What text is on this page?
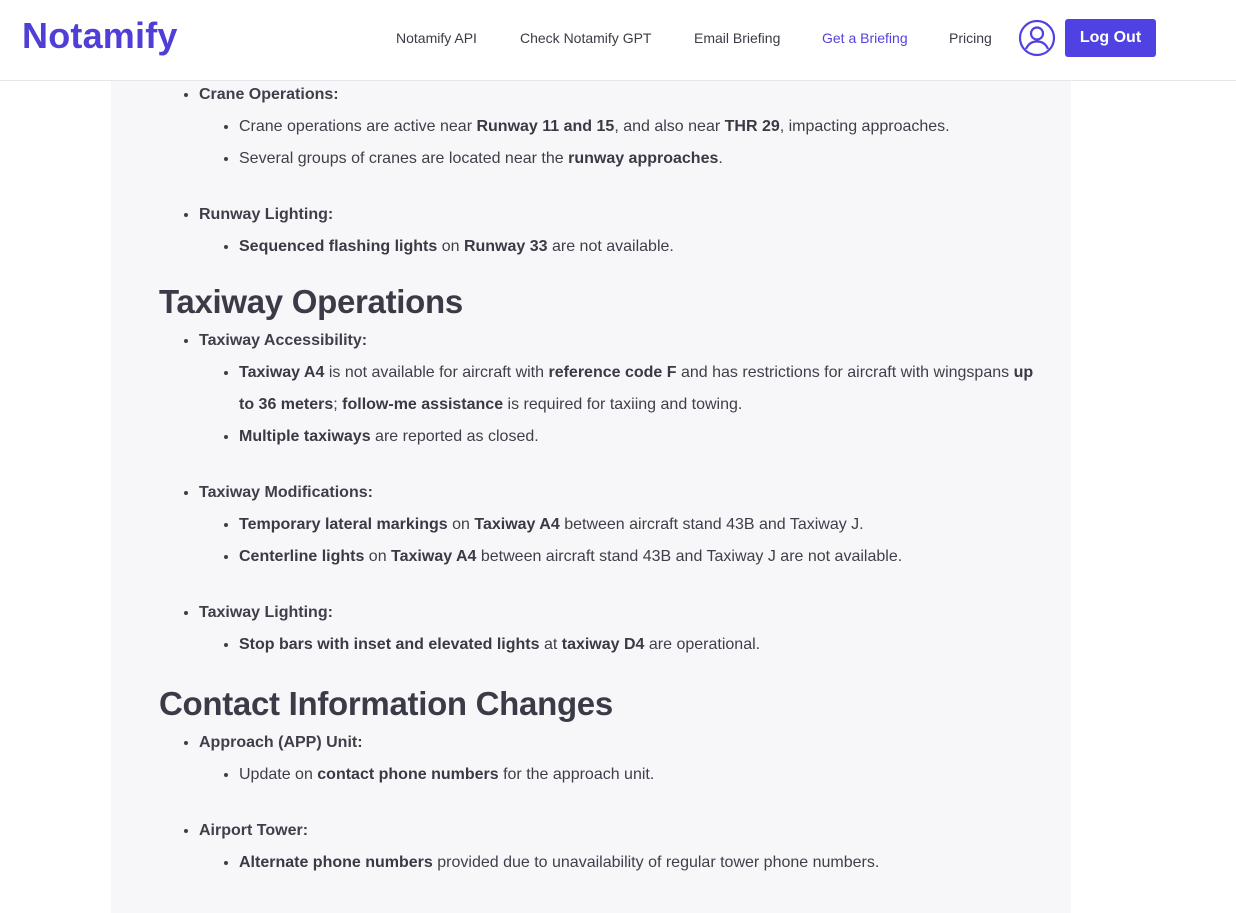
Notamify	Notamify API	Check Notamify GPT	Email Briefing	Get a Briefing	Pricing	Log Out
• Crane Operations:
• Crane operations are active near Runway 11 and 15, and also near THR 29, impacting approaches.
• Several groups of cranes are located near the runway approaches.
• Runway Lighting:
• Sequenced flashing lights on Runway 33 are not available.
Taxiway Operations
• Taxiway Accessibility:
• Taxiway A4 is not available for aircraft with reference code F and has restrictions for aircraft with wingspans up to 36 meters; follow-me assistance is required for taxiing and towing.
• Multiple taxiways are reported as closed.
• Taxiway Modifications:
• Temporary lateral markings on Taxiway A4 between aircraft stand 43B and Taxiway J.
• Centerline lights on Taxiway A4 between aircraft stand 43B and Taxiway J are not available.
• Taxiway Lighting:
• Stop bars with inset and elevated lights at taxiway D4 are operational.
Contact Information Changes
• Approach (APP) Unit:
• Update on contact phone numbers for the approach unit.
• Airport Tower:
• Alternate phone numbers provided due to unavailability of regular tower phone numbers.
